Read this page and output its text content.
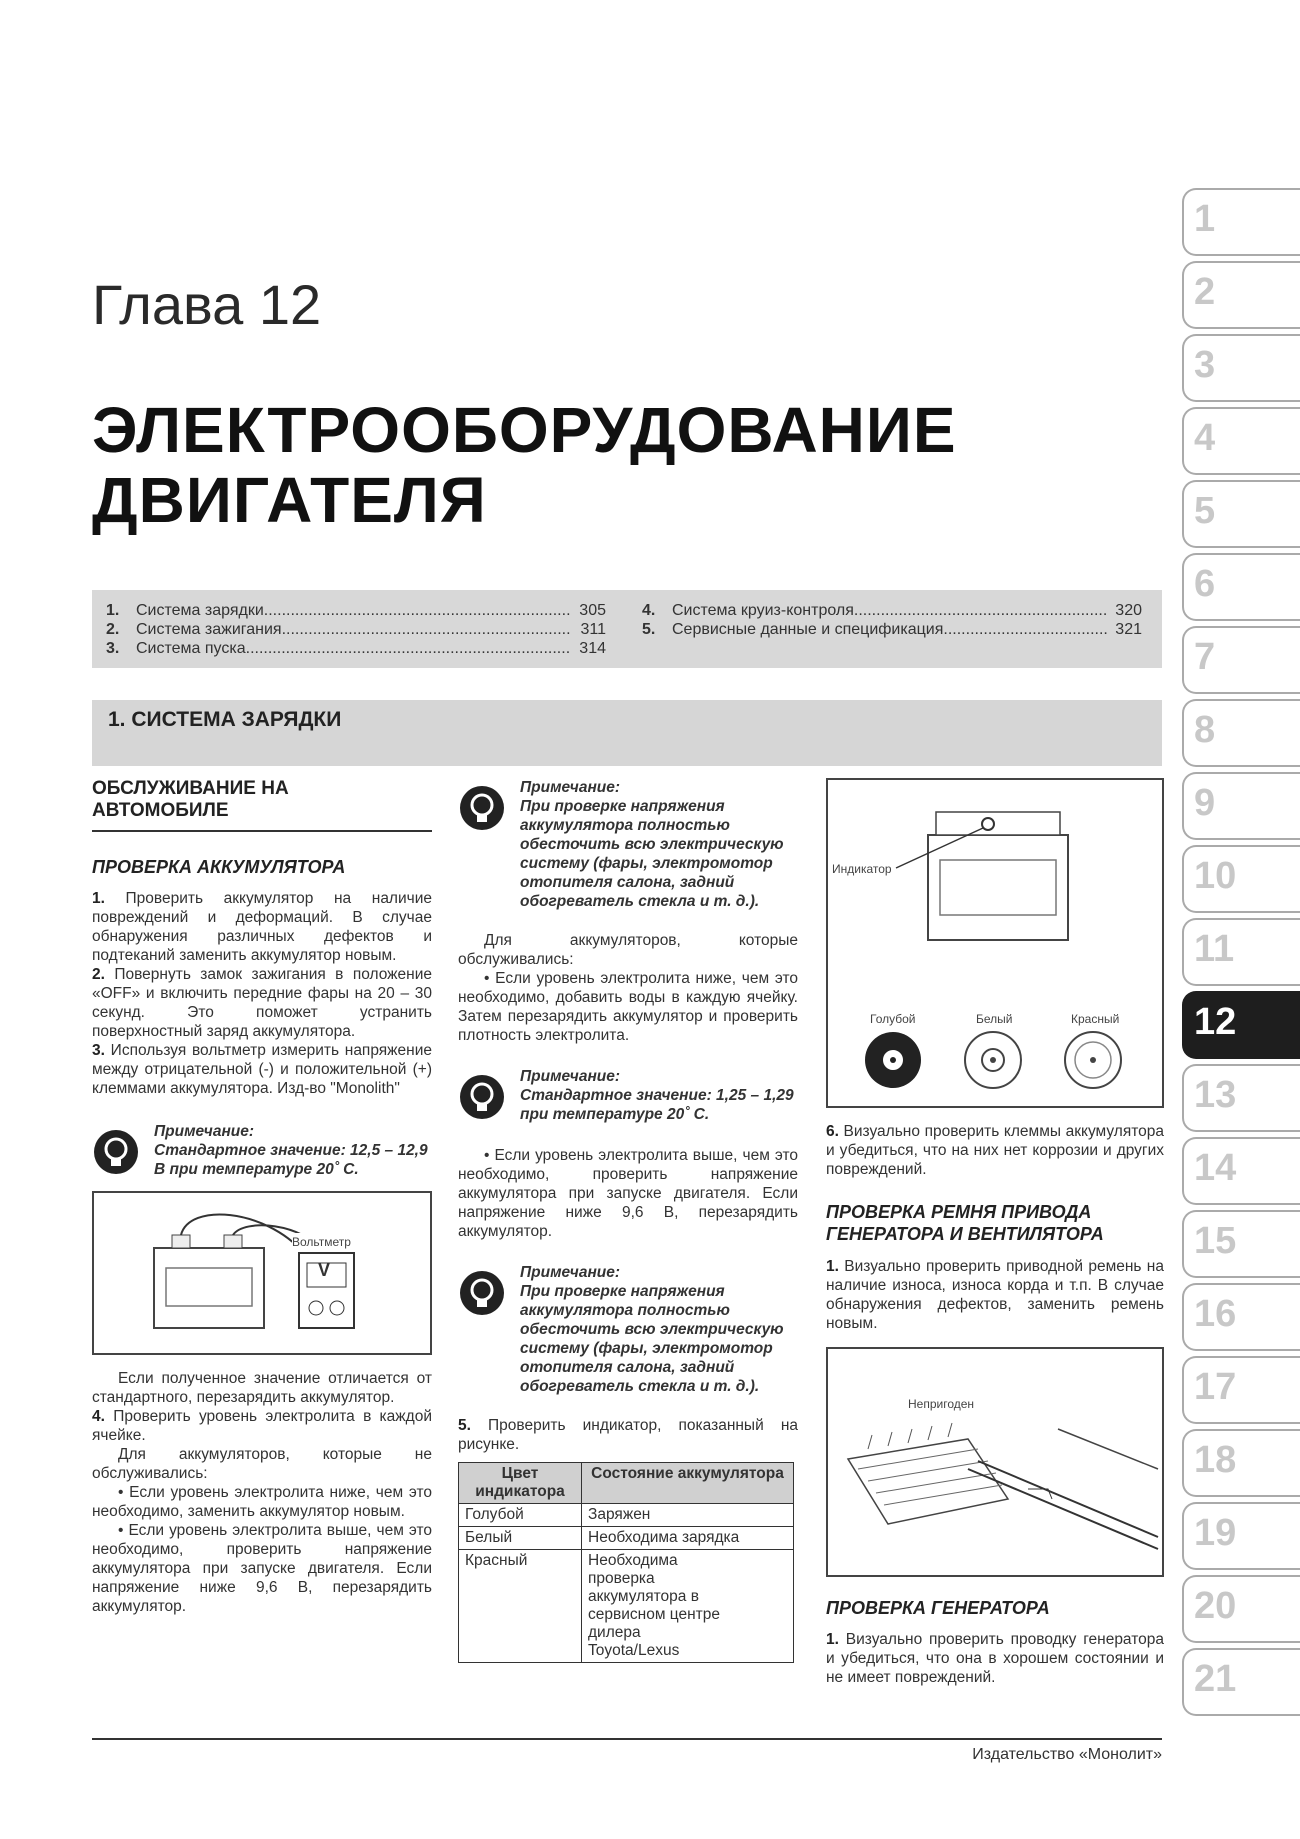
Глава 12
ЭЛЕКТРООБОРУДОВАНИЕ
ДВИГАТЕЛЯ
1.	Система зарядки .....	305
2.	Система зажигания .....	311
3.	Система пуска .....	314
4.	Система круиз-контроля .....	320
5.	Сервисные данные и спецификация .....	321
1. СИСТЕМА ЗАРЯДКИ
ОБСЛУЖИВАНИЕ НА АВТОМОБИЛЕ
ПРОВЕРКА АККУМУЛЯТОРА

1. Проверить аккумулятор на наличие повреждений и деформаций. В случае обнаружения различных дефектов и подтеканий заменить аккумулятор новым.

2. Повернуть замок зажигания в положение «OFF» и включить передние фары на 20 – 30 секунд. Это поможет устранить поверхностный заряд аккумулятора.

3. Используя вольтметр измерить напряжение между отрицательной (-) и положительной (+) клеммами аккумулятора. Изд-во "Monolith"

Примечание:
Стандартное значение: 12,5 – 12,9 В при температуре 20˚ С.
Вольтметр
V

Если полученное значение отличается от стандартного, перезарядить аккумулятор.

4. Проверить уровень электролита в каждой ячейке.

Для аккумуляторов, которые не обслуживались:

• Если уровень электролита ниже, чем это необходимо, заменить аккумулятор новым.

• Если уровень электролита выше, чем это необходимо, проверить напряжение аккумулятора при запуске двигателя. Если напряжение ниже 9,6 В, перезарядить аккумулятор.

Примечание:
При проверке напряжения аккумулятора полностью обесточить всю электрическую систему (фары, электромотор отопителя салона, задний обогреватель стекла и т. д.).

Для аккумуляторов, которые обслуживались:

• Если уровень электролита ниже, чем это необходимо, добавить воды в каждую ячейку. Затем перезарядить аккумулятор и проверить плотность электролита.

Примечание:
Стандартное значение: 1,25 – 1,29 при температуре 20˚ С.

• Если уровень электролита выше, чем это необходимо, проверить напряжение аккумулятора при запуске двигателя. Если напряжение ниже 9,6 В, перезарядить аккумулятор.

Примечание:
При проверке напряжения аккумулятора полностью обесточить всю электрическую систему (фары, электромотор отопителя салона, задний обогреватель стекла и т. д.).

5. Проверить индикатор, показанный на рисунке.

Цвет индикатора	Состояние аккумулятора
Голубой	Заряжен
Белый	Необходима зарядка
Красный	Необходима проверка аккумулятора в сервисном центре дилера Toyota/Lexus
Индикатор
Голубой	Белый	Красный

6. Визуально проверить клеммы аккумулятора и убедиться, что на них нет коррозии и других повреждений.

ПРОВЕРКА РЕМНЯ ПРИВОДА ГЕНЕРАТОРА И ВЕНТИЛЯТОРА

1. Визуально проверить приводной ремень на наличие износа, износа корда и т.п. В случае обнаружения дефектов, заменить ремень новым.

Непригоден
ПРОВЕРКА ГЕНЕРАТОРА

1. Визуально проверить проводку генератора и убедиться, что она в хорошем состоянии и не имеет повреждений.

1
2
3
4
5
6
7
8
9
10
11
12
13
14
15
16
17
18
19
20
21
Издательство «Монолит»
